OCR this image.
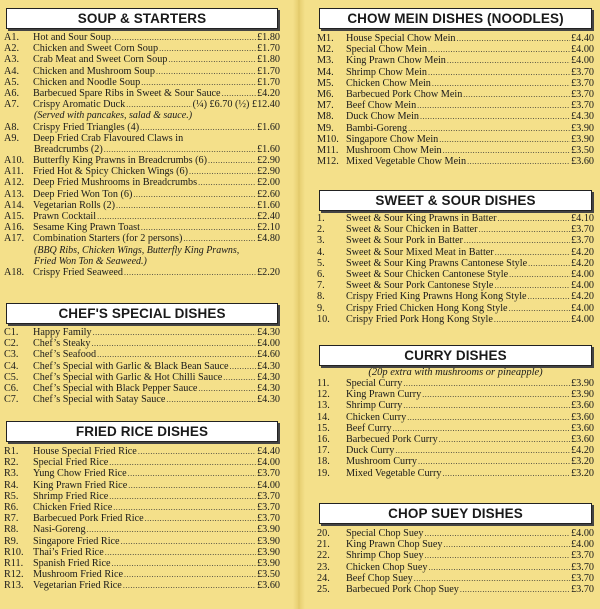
SOUP & STARTERS
CHEF'S SPECIAL DISHES
FRIED RICE DISHES
A1.	Hot and Sour Soup .....	£1.80
A2.	Chicken and Sweet Corn Soup .....	£1.70
A3.	Crab Meat and Sweet Corn Soup .....	£1.80
A4.	Chicken and Mushroom Soup .....	£1.70
A5.	Chicken and Noodle Soup .....	£1.70
A6.	Barbecued Spare Ribs in Sweet & Sour Sauce .....	£4.20
A7.	Crispy Aromatic Duck .....	(¼) £6.70 (½) £12.40
(Served with pancakes, salad & sauce.)
A8.	Crispy Fried Triangles (4) .....	£1.60
A9.	Deep Fried Crab Flavoured Claws in
Breadcrumbs (2) .....	£1.60
A10. Butterfly King Prawns in Breadcrumbs (6) .....	£2.90
A11. Fried Hot & Spicy Chicken Wings (6) .....	£2.90
A12. Deep Fried Mushrooms in Breadcrumbs .....	£2.00
A13. Deep Fried Won Ton (6) .....	£2.60
A14. Vegetarian Rolls (2) .....	£1.60
A15. Prawn Cocktail .....	£2.40
A16. Sesame King Prawn Toast .....	£2.10
A17. Combination Starters (for 2 persons) .....	£4.80
(BBQ Ribs, Chicken Wings, Butterfly King Prawns,
Fried Won Ton & Seaweed.)
A18. Crispy Fried Seaweed .....	£2.20
C1.	Happy Family .....	£4.30
C2.	Chef’s Steaky .....	£4.00
C3.	Chef’s Seafood .....	£4.60
C4.	Chef’s Special with Garlic & Black Bean Sauce .....	£4.30
C5.	Chef’s Special with Garlic & Hot Chilli Sauce .....	£4.30
C6.	Chef’s Special with Black Pepper Sauce .....	£4.30
C7.	Chef’s Special with Satay Sauce .....	£4.30
R1.	House Special Fried Rice .....	£4.40
R2.	Special Fried Rice .....	£4.00
R3.	Yung Chow Fried Rice .....	£3.70
R4.	King Prawn Fried Rice .....	£4.00
R5.	Shrimp Fried Rice .....	£3.70
R6.	Chicken Fried Rice .....	£3.70
R7.	Barbecued Pork Fried Rice .....	£3.70
R8.	Nasi-Goreng .....	£3.90
R9.	Singapore Fried Rice .....	£3.90
R10. Thai’s Fried Rice .....	£3.90
R11. Spanish Fried Rice .....	£3.90
R12. Mushroom Fried Rice .....	£3.50
R13. Vegetarian Fried Rice .....	£3.60
CHOW MEIN DISHES (NOODLES)
SWEET & SOUR DISHES
CURRY DISHES
(20p extra with mushrooms or pineapple)
CHOP SUEY DISHES
M1.	House Special Chow Mein .....	£4.40
M2.	Special Chow Mein .....	£4.00
M3.	King Prawn Chow Mein .....	£4.00
M4.	Shrimp Chow Mein .....	£3.70
M5.	Chicken Chow Mein .....	£3.70
M6.	Barbecued Pork Chow Mein .....	£3.70
M7.	Beef Chow Mein .....	£3.70
M8.	Duck Chow Mein .....	£4.30
M9.	Bambi-Goreng .....	£3.90
M10. Singapore Chow Mein .....	£3.90
M11. Mushroom Chow Mein .....	£3.50
M12. Mixed Vegetable Chow Mein .....	£3.60
1.	Sweet & Sour King Prawns in Batter .....	£4.10
2.	Sweet & Sour Chicken in Batter .....	£3.70
3.	Sweet & Sour Pork in Batter .....	£3.70
4.	Sweet & Sour Mixed Meat in Batter .....	£4.20
5.	Sweet & Sour King Prawns Cantonese Style .....	£4.20
6.	Sweet & Sour Chicken Cantonese Style .....	£4.00
7.	Sweet & Sour Pork Cantonese Style .....	£4.00
8.	Crispy Fried King Prawns Hong Kong Style .....	£4.20
9.	Crispy Fried Chicken Hong Kong Style .....	£4.00
10.	Crispy Fried Pork Hong Kong Style .....	£4.00
11.	Special Curry .....	£3.90
12.	King Prawn Curry .....	£3.90
13.	Shrimp Curry .....	£3.60
14.	Chicken Curry .....	£3.60
15.	Beef Curry .....	£3.60
16.	Barbecued Pork Curry .....	£3.60
17.	Duck Curry .....	£4.20
18.	Mushroom Curry .....	£3.20
19.	Mixed Vegetable Curry .....	£3.20
20.	Special Chop Suey .....	£4.00
21.	King Prawn Chop Suey .....	£4.00
22.	Shrimp Chop Suey .....	£3.70
23.	Chicken Chop Suey .....	£3.70
24.	Beef Chop Suey .....	£3.70
25.	Barbecued Pork Chop Suey .....	£3.70
